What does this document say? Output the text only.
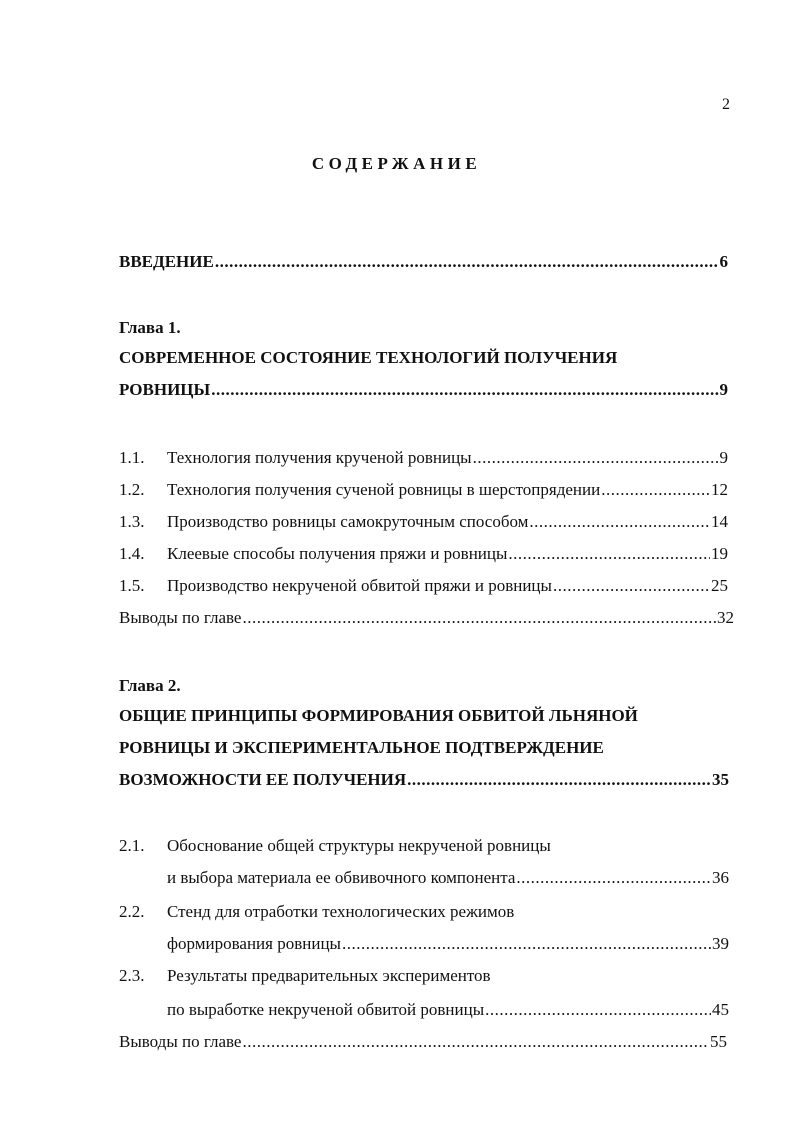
2
СОДЕРЖАНИЕ
ВВЕДЕНИЕ .....	6
Глава 1.
СОВРЕМЕННОЕ СОСТОЯНИЕ ТЕХНОЛОГИЙ ПОЛУЧЕНИЯ
РОВНИЦЫ .....	9
1.1. Технология получения крученой ровницы .....	9
1.2. Технология получения сученой ровницы в шерстопрядении .....	12
1.3. Производство ровницы самокруточным способом .....	14
1.4. Клеевые способы получения пряжи и ровницы .....	19
1.5. Производство некрученой обвитой пряжи и ровницы .....	25
Выводы по главе .....	32
Глава 2.
ОБЩИЕ ПРИНЦИПЫ ФОРМИРОВАНИЯ ОБВИТОЙ ЛЬНЯНОЙ
РОВНИЦЫ И ЭКСПЕРИМЕНТАЛЬНОЕ ПОДТВЕРЖДЕНИЕ
ВОЗМОЖНОСТИ ЕЕ ПОЛУЧЕНИЯ .....	35
2.1. Обоснование общей структуры некрученой ровницы
и выбора материала ее обвивочного компонента .....	36
2.2. Стенд для отработки технологических режимов
формирования ровницы .....	39
2.3. Результаты предварительных экспериментов
по выработке некрученой обвитой ровницы .....	45
Выводы по главе .....	55
